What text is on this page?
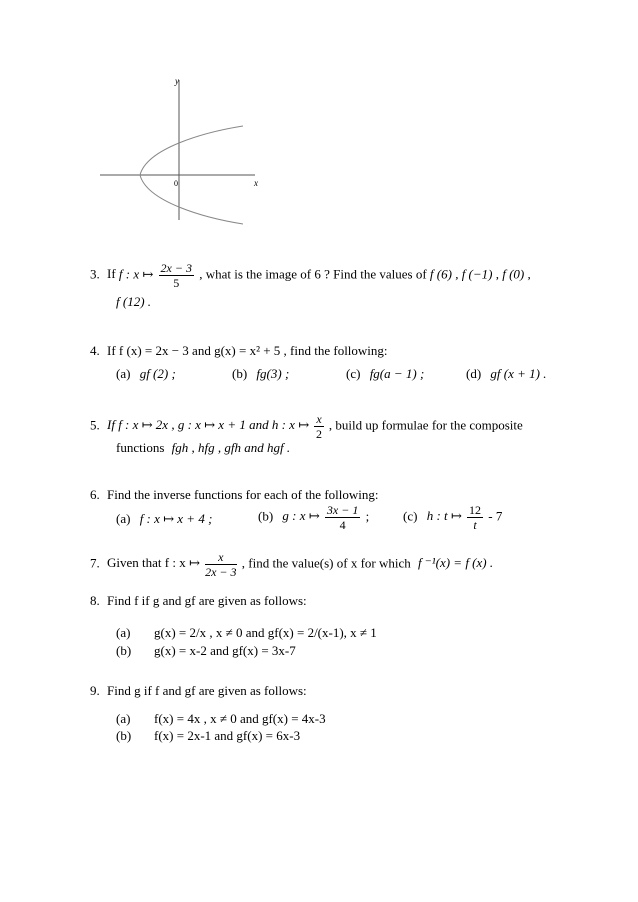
y
x
0
3. If f : x ↦ $\frac{2x - 3}{5}$ , what is the image of 6 ? Find the values of f (6) , f (−1) , f (0) ,
f (12) .
4. If f (x) = 2x − 3 and g(x) = x² + 5 , find the following:
(a) gf (2) ;	(b) fg(3) ;	(c) fg(a − 1) ;	(d) gf (x + 1) .
5. If f : x ↦ 2x , g : x ↦ x + 1 and h : x ↦ $\frac{x}{2}$ , build up formulae for the composite
functions fgh , hfg , gfh and hgf .
6. Find the inverse functions for each of the following:
(a) f : x ↦ x + 4 ;	(b) g : x ↦ $\frac{3x - 1}{4}$ ;	(c) h : t ↦ $\frac{12}{t} - 7$
7. Given that f : x ↦ $\frac{x}{2x - 3}$ , find the value(s) of x for which f ⁻¹(x) = f (x) .
8. Find f if g and gf are given as follows:
(a) g(x) = 2/x , x ≠ 0 and gf(x) = 2/(x-1), x ≠ 1
(b) g(x) = x-2 and gf(x) = 3x-7
9. Find g if f and gf are given as follows:
(a) f(x) = 4x , x ≠ 0 and gf(x) = 4x-3
(b) f(x) = 2x-1 and gf(x) = 6x-3
